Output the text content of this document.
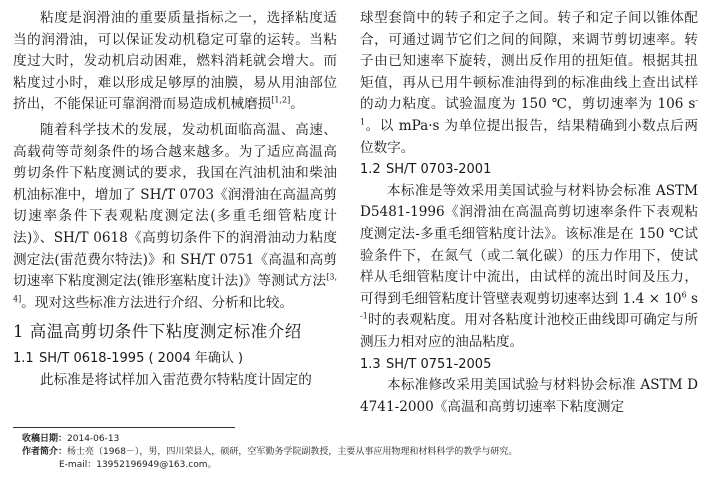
粘度是润滑油的重要质量指标之一，选择粘度适当的润滑油，可以保证发动机稳定可靠的运转。当粘度过大时，发动机启动困难，燃料消耗就会增大。而粘度过小时，难以形成足够厚的油膜，易从用油部位挤出，不能保证可靠润滑而易造成机械磨损[1,2]。

随着科学技术的发展，发动机面临高温、高速、高载荷等苛刻条件的场合越来越多。为了适应高温高剪切条件下粘度测试的要求，我国在汽油机油和柴油机油标准中，增加了 SH/T 0703《润滑油在高温高剪切速率条件下表观粘度测定法(多重毛细管粘度计法)》、SH/T 0618《高剪切条件下的润滑油动力粘度测定法(雷范费尔特法)》和 SH/T 0751《高温和高剪切速率下粘度测定法(锥形塞粘度计法)》等测试方法[3,4]。现对这些标准方法进行介绍、分析和比较。

1 高温高剪切条件下粘度测定标准介绍
1.1 SH/T 0618-1995 ( 2004 年确认 )

此标准是将试样加入雷范费尔特粘度计固定的

球型套筒中的转子和定子之间。转子和定子间以锥体配合，可通过调节它们之间的间隙，来调节剪切速率。转子由已知速率下旋转，测出反作用的扭矩值。根据其扭矩值，再从已用牛顿标准油得到的标准曲线上查出试样的动力粘度。试验温度为 150 ℃，剪切速率为 106 $s^{-1}$。以 mPa·s 为单位提出报告，结果精确到小数点后两位数字。

1.2 SH/T 0703-2001

本标准是等效采用美国试验与材料协会标准 ASTM D5481-1996《润滑油在高温高剪切速率条件下表观粘度测定法-多重毛细管粘度计法》。该标准是在 150 ℃试验条件下，在氮气（或二氧化碳）的压力作用下，使试样从毛细管粘度计中流出，由试样的流出时间及压力，可得到毛细管粘度计管壁表观剪切速率达到 $1.4 \times 10^6$ $s^{-1}$时的表观粘度。用对各粘度计池校正曲线即可确定与所测压力相对应的油品粘度。

1.3 SH/T 0751-2005

本标准修改采用美国试验与材料协会标准 ASTM D4741-2000《高温和高剪切速率下粘度测定

收稿日期：2014-06-13
作者简介：杨士亮（1968－），男，四川荣县人，硕研，空军勤务学院副教授，主要从事应用物理和材料科学的教学与研究。
E-mail：13952196949@163.com。
